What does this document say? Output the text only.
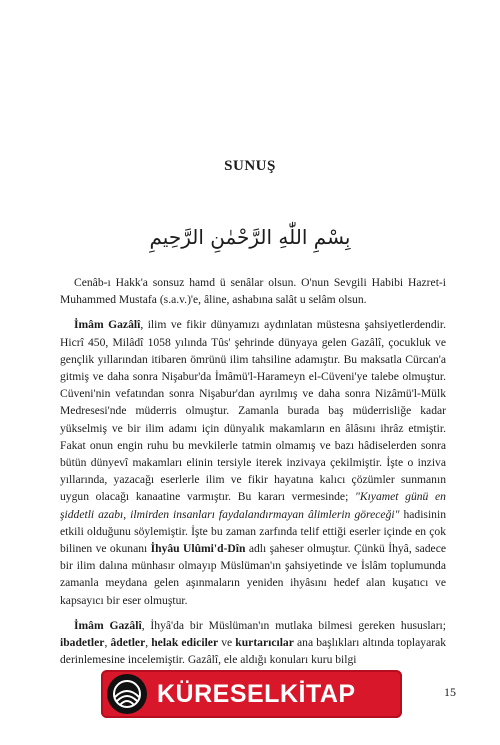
SUNUŞ
بِسْمِ اللّٰهِ الرَّحْمٰنِ الرَّحِيمِ

Cenâb-ı Hakk'a sonsuz hamd ü senâlar olsun. O'nun Sevgili Habibi Hazret-i Muhammed Mustafa (s.a.v.)'e, âline, ashabına salât u selâm olsun.

İmâm Gazâlî, ilim ve fikir dünyamızı aydınlatan müstesna şahsiyetlerdendir. Hicrî 450, Milâdî 1058 yılında Tûs' şehrinde dünyaya gelen Gazâlî, çocukluk ve gençlik yıllarından itibaren ömrünü ilim tahsiline adamıştır. Bu maksatla Cürcan'a gitmiş ve daha sonra Nişabur'da İmâmü'l-Harameyn el-Cüveni'ye talebe olmuştur. Cüveni'nin vefatından sonra Nişabur'dan ayrılmış ve daha sonra Nizâmü'l-Mülk Medresesi'nde müderris olmuştur. Zamanla burada baş müderrisliğe kadar yükselmiş ve bir ilim adamı için dünyalık makamların en âlâsını ihrâz etmiştir. Fakat onun engin ruhu bu mevkilerle tatmin olmamış ve bazı hâdiselerden sonra bütün dünyevî makamları elinin tersiyle iterek inzivaya çekilmiştir. İşte o inziva yıllarında, yazacağı eserlerle ilim ve fikir hayatına kalıcı çözümler sunmanın uygun olacağı kanaatine varmıştır. Bu kararı vermesinde; "Kıyamet günü en şiddetli azabı, ilmirden insanları faydalandırmayan âlimlerin göreceği" hadisinin etkili olduğunu söylemiştir. İşte bu zaman zarfında telif ettiği eserler içinde en çok bilinen ve okunanı İhyâu Ulûmi'd-Dîn adlı şaheser olmuştur. Çünkü İhyâ, sadece bir ilim dalına münhasır olmayıp Müslüman'ın şahsiyetinde ve İslâm toplumunda zamanla meydana gelen aşınmaların yeniden ihyâsını hedef alan kuşatıcı ve kapsayıcı bir eser olmuştur.

İmâm Gazâlî, İhyâ'da bir Müslüman'ın mutlaka bilmesi gereken hususları; ibadetler, âdetler, helak ediciler ve kurtarıcılar ana başlıkları altında toplayarak derinlemesine incelemiştir. Gazâlî, ele aldığı konuları kuru bilgi

15
KÜRESELKİTAP
